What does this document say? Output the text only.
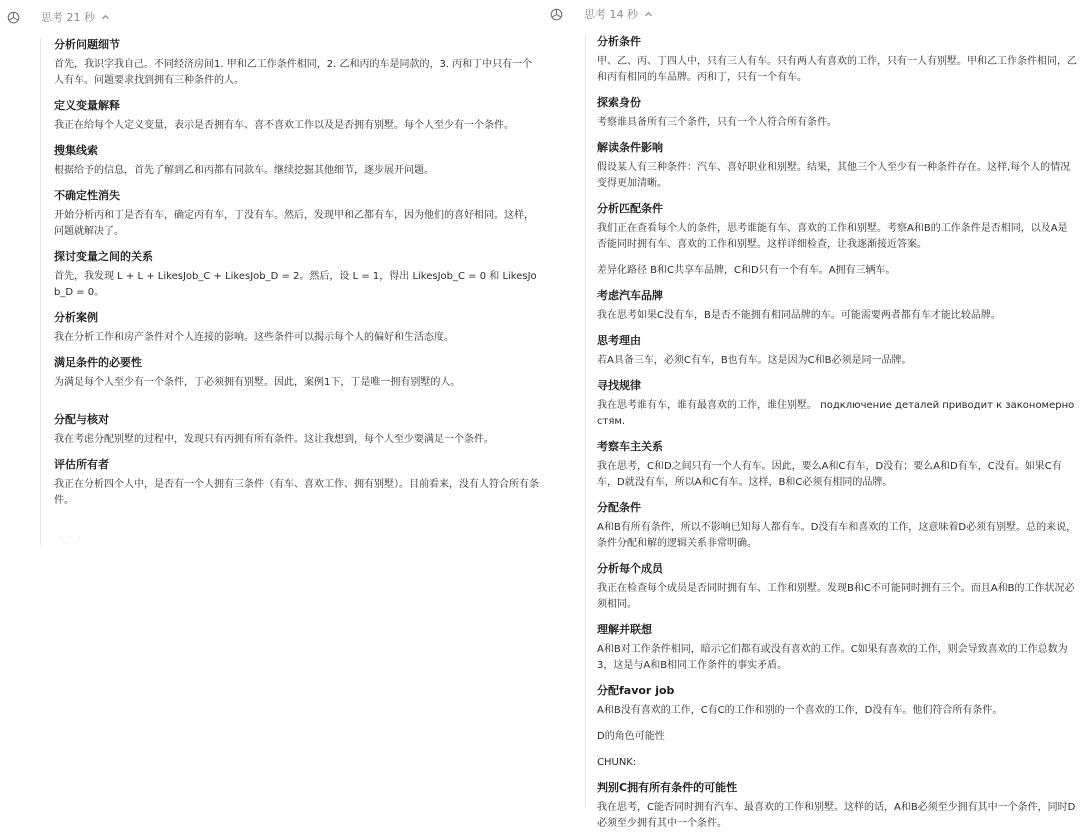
思考 21 秒

分析问题细节

首先，我识字我自己。不同经济房间1. 甲和乙工作条件相同，2. 乙和丙的车是同款的，3. 丙和丁中只有一个人有车。问题要求找到拥有三种条件的人。

定义变量解释

我正在给每个人定义变量，表示是否拥有车、喜不喜欢工作以及是否拥有别墅。每个人至少有一个条件。

搜集线索

根据给予的信息，首先了解到乙和丙都有同款车。继续挖掘其他细节，逐步展开问题。

不确定性消失

开始分析丙和丁是否有车，确定丙有车，丁没有车。然后，发现甲和乙都有车，因为他们的喜好相同。这样，问题就解决了。

探讨变量之间的关系

首先，我发现 L + L + LikesJob_C + LikesJob_D = 2。然后，设 L = 1，得出 LikesJob_C = 0 和 LikesJob_D = 0。

分析案例

我在分析工作和房产条件对个人连接的影响。这些条件可以揭示每个人的偏好和生活态度。

满足条件的必要性

为满足每个人至少有一个条件，丁必须拥有别墅。因此，案例1下，丁是唯一拥有别墅的人。

分配与核对

我在考虑分配别墅的过程中，发现只有丙拥有所有条件。这让我想到，每个人至少要满足一个条件。

评估所有者

我正在分析四个人中，是否有一个人拥有三条件（有车、喜欢工作、拥有别墅）。目前看来，没有人符合所有条件。

· · ·
思考 14 秒

分析条件

甲、乙、丙、丁四人中，只有三人有车。只有两人有喜欢的工作，只有一人有别墅。甲和乙工作条件相同，乙和丙有相同的车品牌。丙和丁，只有一个有车。

探索身份

考察谁具备所有三个条件，只有一个人符合所有条件。

解读条件影响

假设某人有三种条件：汽车、喜好职业和别墅。结果，其他三个人至少有一种条件存在。这样,每个人的情况变得更加清晰。

分析匹配条件

我们正在查看每个人的条件，思考谁能有车、喜欢的工作和别墅。考察A和B的工作条件是否相同，以及A是否能同时拥有车、喜欢的工作和别墅。这样详细检查，让我逐渐接近答案。

差异化路径 B和C共享车品牌，C和D只有一个有车。A拥有三辆车。

考虑汽车品牌

我在思考如果C没有车，B是否不能拥有相同品牌的车。可能需要两者都有车才能比较品牌。

思考理由

若A具备三车，必须C有车，B也有车。这是因为C和B必须是同一品牌。

寻找规律

我在思考谁有车，谁有最喜欢的工作，谁住别墅。 подключение деталей приводит к закономерностям.

考察车主关系

我在思考，C和D之间只有一个人有车。因此，要么A和C有车，D没有；要么A和D有车，C没有。如果C有车，D就没有车，所以A和C有车。这样，B和C必须有相同的品牌。

分配条件

A和B有所有条件，所以不影响已知每人都有车。D没有车和喜欢的工作，这意味着D必须有别墅。总的来说，条件分配和解的逻辑关系非常明确。

分析每个成员

我正在检查每个成员是否同时拥有车、工作和别墅。发现B和C不可能同时拥有三个。而且A和B的工作状况必须相同。

理解并联想

A和B对工作条件相同，暗示它们都有或没有喜欢的工作。C如果有喜欢的工作，则会导致喜欢的工作总数为3，这是与A和B相同工作条件的事实矛盾。

分配favor job

A和B没有喜欢的工作，C有C的工作和别的一个喜欢的工作，D没有车。他们符合所有条件。

D的角色可能性

CHUNK:

判别C拥有所有条件的可能性

我在思考，C能否同时拥有汽车、最喜欢的工作和别墅。这样的话，A和B必须至少拥有其中一个条件，同时D必须至少拥有其中一个条件。
